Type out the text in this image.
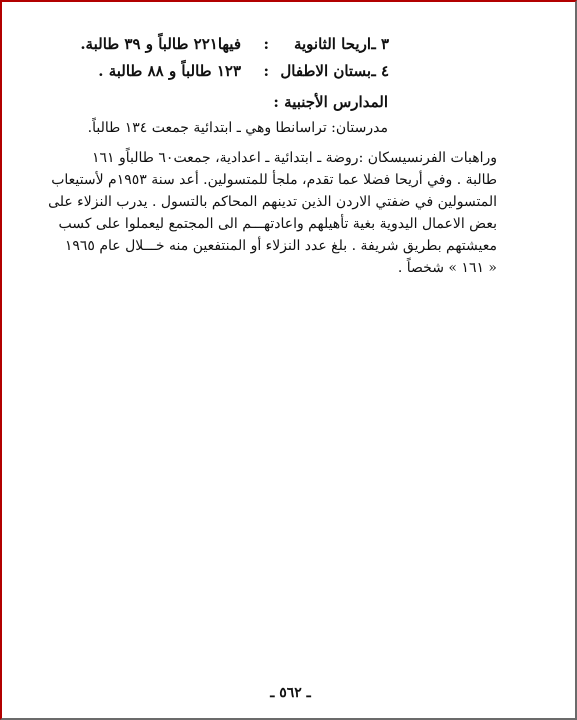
٣ ـ
اريحا الثانوية
:
فيها٢٢١ طالباً و ٣٩ طالبة.
٤ ـ
بستان الاطفال
:
١٢٣ طالباً و ٨٨ طالبة .
المدارس الأجنبية :
مدرستان: تراسانطا وهي ـ ابتدائية جمعت ١٣٤ طالباً.
وراهبات الفرنسيسكان :روضة ـ ابتدائية ـ اعدادية، جمعت٦٠ طالباًو ١٦١
طالبة . وفي أريحا فضلا عما تقدم، ملجأ للمتسولين. أعد سنة ١٩٥٣م لأستيعاب
المتسولين في ضفتي الاردن الذين تدينهم المحاكم بالتسول . يدرب النزلاء على
بعض الاعمال اليدوية بغية تأهيلهم واعادتهـــم الى المجتمع ليعملوا على كسب
معيشتهم بطريق شريفة . بلغ عدد النزلاء أو المنتفعين منه خـــلال عام ١٩٦٥
« ١٦١ » شخصاً .
ـ ٥٦٢ ـ
